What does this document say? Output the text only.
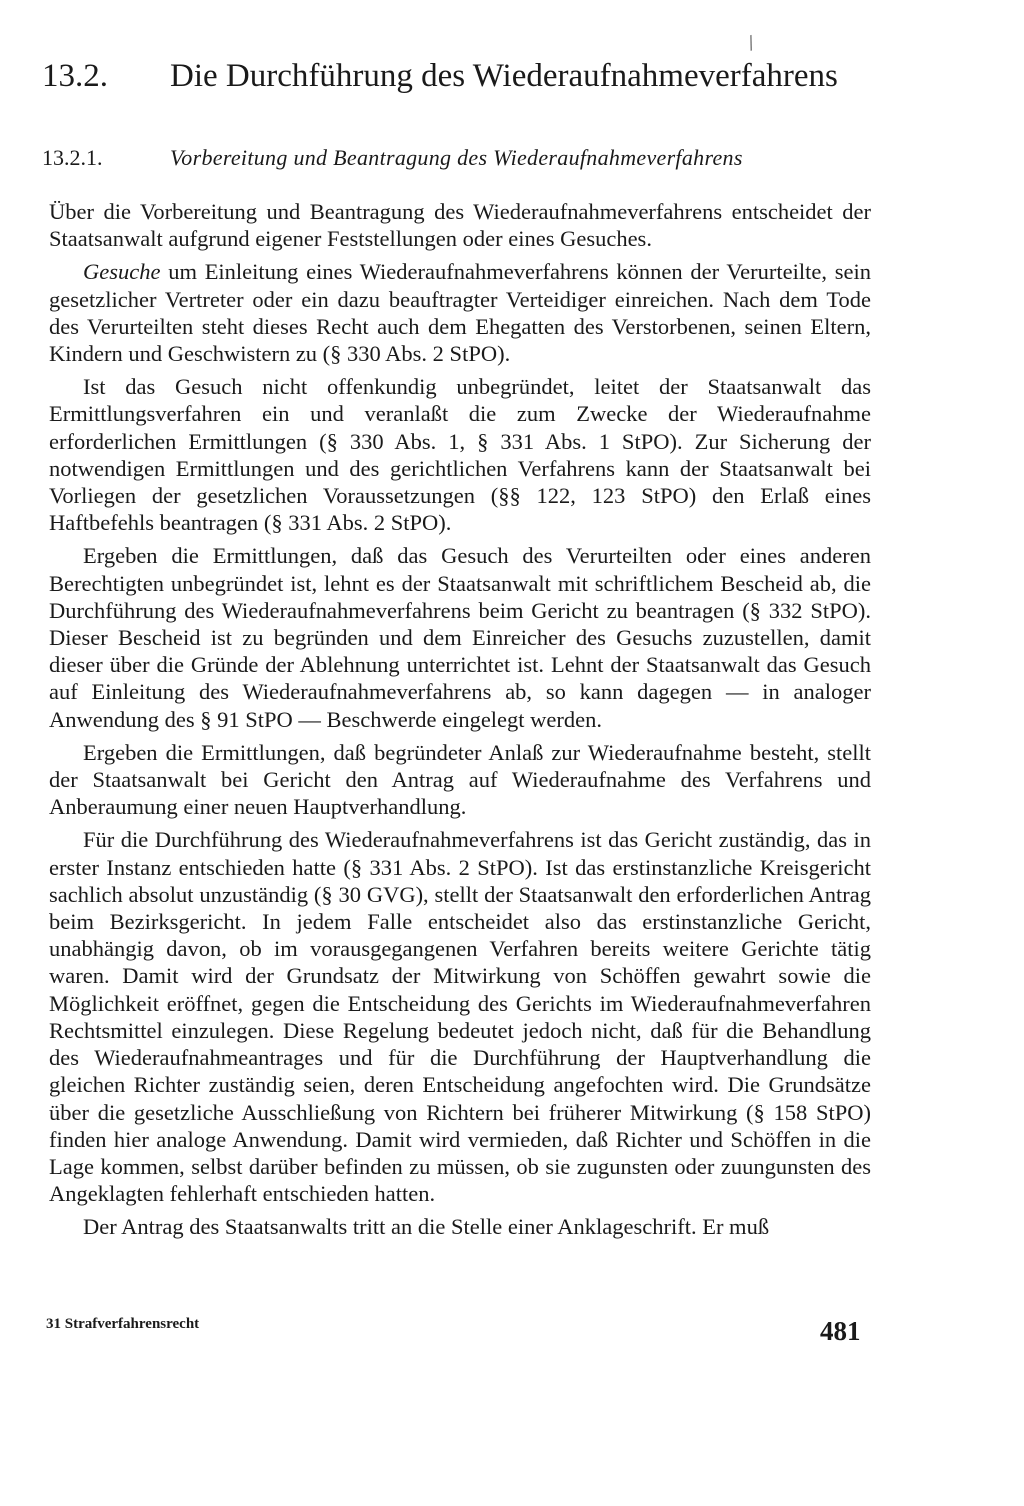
/
13.2. Die Durchführung des Wiederaufnahmeverfahrens
13.2.1.	Vorbereitung und Beantragung des Wiederaufnahmeverfahrens

Über die Vorbereitung und Beantragung des Wiederaufnahmeverfahrens entscheidet der Staatsanwalt aufgrund eigener Feststellungen oder eines Gesuches.

Gesuche um Einleitung eines Wiederaufnahmeverfahrens können der Verurteilte, sein gesetzlicher Vertreter oder ein dazu beauftragter Verteidiger einreichen. Nach dem Tode des Verurteilten steht dieses Recht auch dem Ehegatten des Verstorbenen, seinen Eltern, Kindern und Geschwistern zu (§ 330 Abs. 2 StPO).

Ist das Gesuch nicht offenkundig unbegründet, leitet der Staatsanwalt das Ermittlungsverfahren ein und veranlaßt die zum Zwecke der Wiederaufnahme erforderlichen Ermittlungen (§ 330 Abs. 1, § 331 Abs. 1 StPO). Zur Sicherung der notwendigen Ermittlungen und des gerichtlichen Verfahrens kann der Staatsanwalt bei Vorliegen der gesetzlichen Voraussetzungen (§§ 122, 123 StPO) den Erlaß eines Haftbefehls beantragen (§ 331 Abs. 2 StPO).

Ergeben die Ermittlungen, daß das Gesuch des Verurteilten oder eines anderen Berechtigten unbegründet ist, lehnt es der Staatsanwalt mit schriftlichem Bescheid ab, die Durchführung des Wiederaufnahmeverfahrens beim Gericht zu beantragen (§ 332 StPO). Dieser Bescheid ist zu begründen und dem Einreicher des Gesuchs zuzustellen, damit dieser über die Gründe der Ablehnung unterrichtet ist. Lehnt der Staatsanwalt das Gesuch auf Einleitung des Wiederaufnahmeverfahrens ab, so kann dagegen — in analoger Anwendung des § 91 StPO — Beschwerde eingelegt werden.

Ergeben die Ermittlungen, daß begründeter Anlaß zur Wiederaufnahme besteht, stellt der Staatsanwalt bei Gericht den Antrag auf Wiederaufnahme des Verfahrens und Anberaumung einer neuen Hauptverhandlung.

Für die Durchführung des Wiederaufnahmeverfahrens ist das Gericht zuständig, das in erster Instanz entschieden hatte (§ 331 Abs. 2 StPO). Ist das erstinstanzliche Kreisgericht sachlich absolut unzuständig (§ 30 GVG), stellt der Staatsanwalt den erforderlichen Antrag beim Bezirksgericht. In jedem Falle entscheidet also das erstinstanzliche Gericht, unabhängig davon, ob im vorausgegangenen Verfahren bereits weitere Gerichte tätig waren. Damit wird der Grundsatz der Mitwirkung von Schöffen gewahrt sowie die Möglichkeit eröffnet, gegen die Entscheidung des Gerichts im Wiederaufnahmeverfahren Rechtsmittel einzulegen. Diese Regelung bedeutet jedoch nicht, daß für die Behandlung des Wiederaufnahmeantrages und für die Durchführung der Hauptverhandlung die gleichen Richter zuständig seien, deren Entscheidung angefochten wird. Die Grundsätze über die gesetzliche Ausschließung von Richtern bei früherer Mitwirkung (§ 158 StPO) finden hier analoge Anwendung. Damit wird vermieden, daß Richter und Schöffen in die Lage kommen, selbst darüber befinden zu müssen, ob sie zugunsten oder zuungunsten des Angeklagten fehlerhaft entschieden hatten.

Der Antrag des Staatsanwalts tritt an die Stelle einer Anklageschrift. Er muß

31 Strafverfahrensrecht	481
